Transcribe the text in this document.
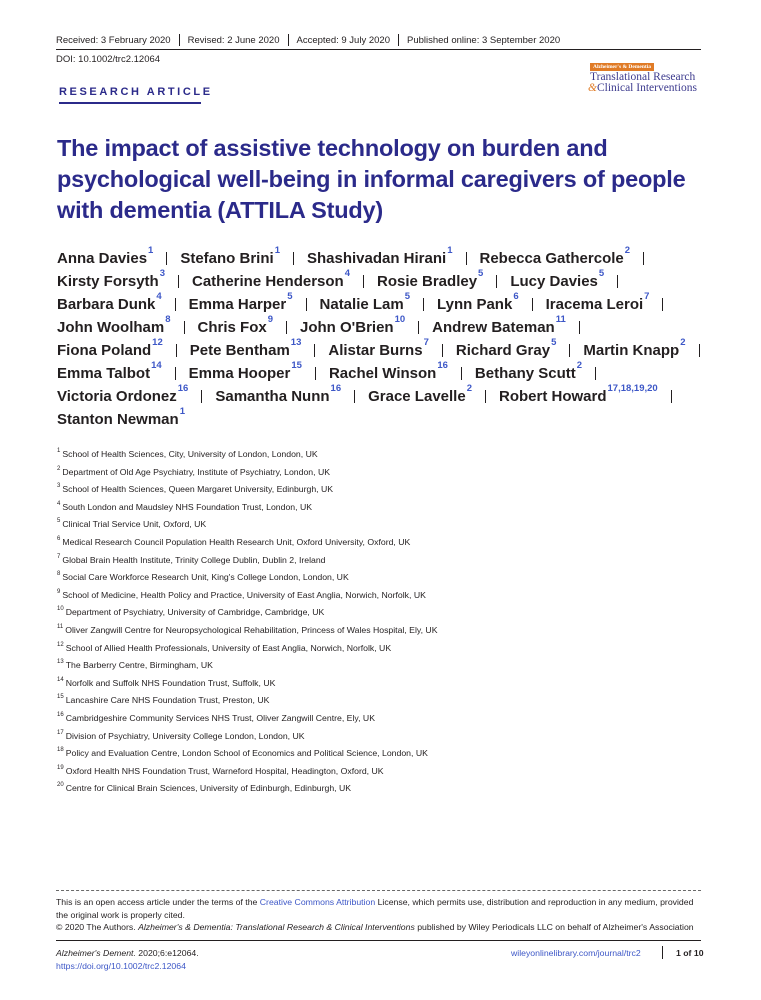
Received: 3 February 2020 Revised: 2 June 2020 Accepted: 9 July 2020 Published online: 3 September 2020
DOI: 10.1002/trc2.12064
Alzheimer's & Dementia
Translational Research
&Clinical Interventions
RESEARCH ARTICLE
The impact of assistive technology on burden and psychological well-being in informal caregivers of people with dementia (ATTILA Study)
Anna Davies$^1$ Stefano Brini$^1$ Shashivadan Hirani$^1$ Rebecca Gathercole$^2$
Kirsty Forsyth$^3$ Catherine Henderson$^4$ Rosie Bradley$^5$ Lucy Davies$^5$
Barbara Dunk$^4$ Emma Harper$^5$ Natalie Lam$^5$ Lynn Pank$^6$ Iracema Leroi$^7$
John Woolham$^8$ Chris Fox$^9$ John O'Brien$^{10}$ Andrew Bateman$^{11}$
Fiona Poland$^{12}$ Pete Bentham$^{13}$ Alistar Burns$^7$ Richard Gray$^5$ Martin Knapp$^2$
Emma Talbot$^{14}$ Emma Hooper$^{15}$ Rachel Winson$^{16}$ Bethany Scutt$^2$
Victoria Ordonez$^{16}$ Samantha Nunn$^{16}$ Grace Lavelle$^2$ Robert Howard$^{17,18,19,20}$
Stanton Newman$^1$
$^1$ School of Health Sciences, City, University of London, London, UK
$^2$ Department of Old Age Psychiatry, Institute of Psychiatry, London, UK
$^3$ School of Health Sciences, Queen Margaret University, Edinburgh, UK
$^4$ South London and Maudsley NHS Foundation Trust, London, UK
$^5$ Clinical Trial Service Unit, Oxford, UK
$^6$ Medical Research Council Population Health Research Unit, Oxford University, Oxford, UK
$^7$ Global Brain Health Institute, Trinity College Dublin, Dublin 2, Ireland
$^8$ Social Care Workforce Research Unit, King's College London, London, UK
$^9$ School of Medicine, Health Policy and Practice, University of East Anglia, Norwich, Norfolk, UK
$^{10}$ Department of Psychiatry, University of Cambridge, Cambridge, UK
$^{11}$ Oliver Zangwill Centre for Neuropsychological Rehabilitation, Princess of Wales Hospital, Ely, UK
$^{12}$ School of Allied Health Professionals, University of East Anglia, Norwich, Norfolk, UK
$^{13}$ The Barberry Centre, Birmingham, UK
$^{14}$ Norfolk and Suffolk NHS Foundation Trust, Suffolk, UK
$^{15}$ Lancashire Care NHS Foundation Trust, Preston, UK
$^{16}$ Cambridgeshire Community Services NHS Trust, Oliver Zangwill Centre, Ely, UK
$^{17}$ Division of Psychiatry, University College London, London, UK
$^{18}$ Policy and Evaluation Centre, London School of Economics and Political Science, London, UK
$^{19}$ Oxford Health NHS Foundation Trust, Warneford Hospital, Headington, Oxford, UK
$^{20}$ Centre for Clinical Brain Sciences, University of Edinburgh, Edinburgh, UK
This is an open access article under the terms of the Creative Commons Attribution License, which permits use, distribution and reproduction in any medium, provided the original work is properly cited.
© 2020 The Authors. Alzheimer's & Dementia: Translational Research & Clinical Interventions published by Wiley Periodicals LLC on behalf of Alzheimer's Association
Alzheimer's Dement. 2020;6:e12064.
https://doi.org/10.1002/trc2.12064
wileyonlinelibrary.com/journal/trc2	1 of 10
